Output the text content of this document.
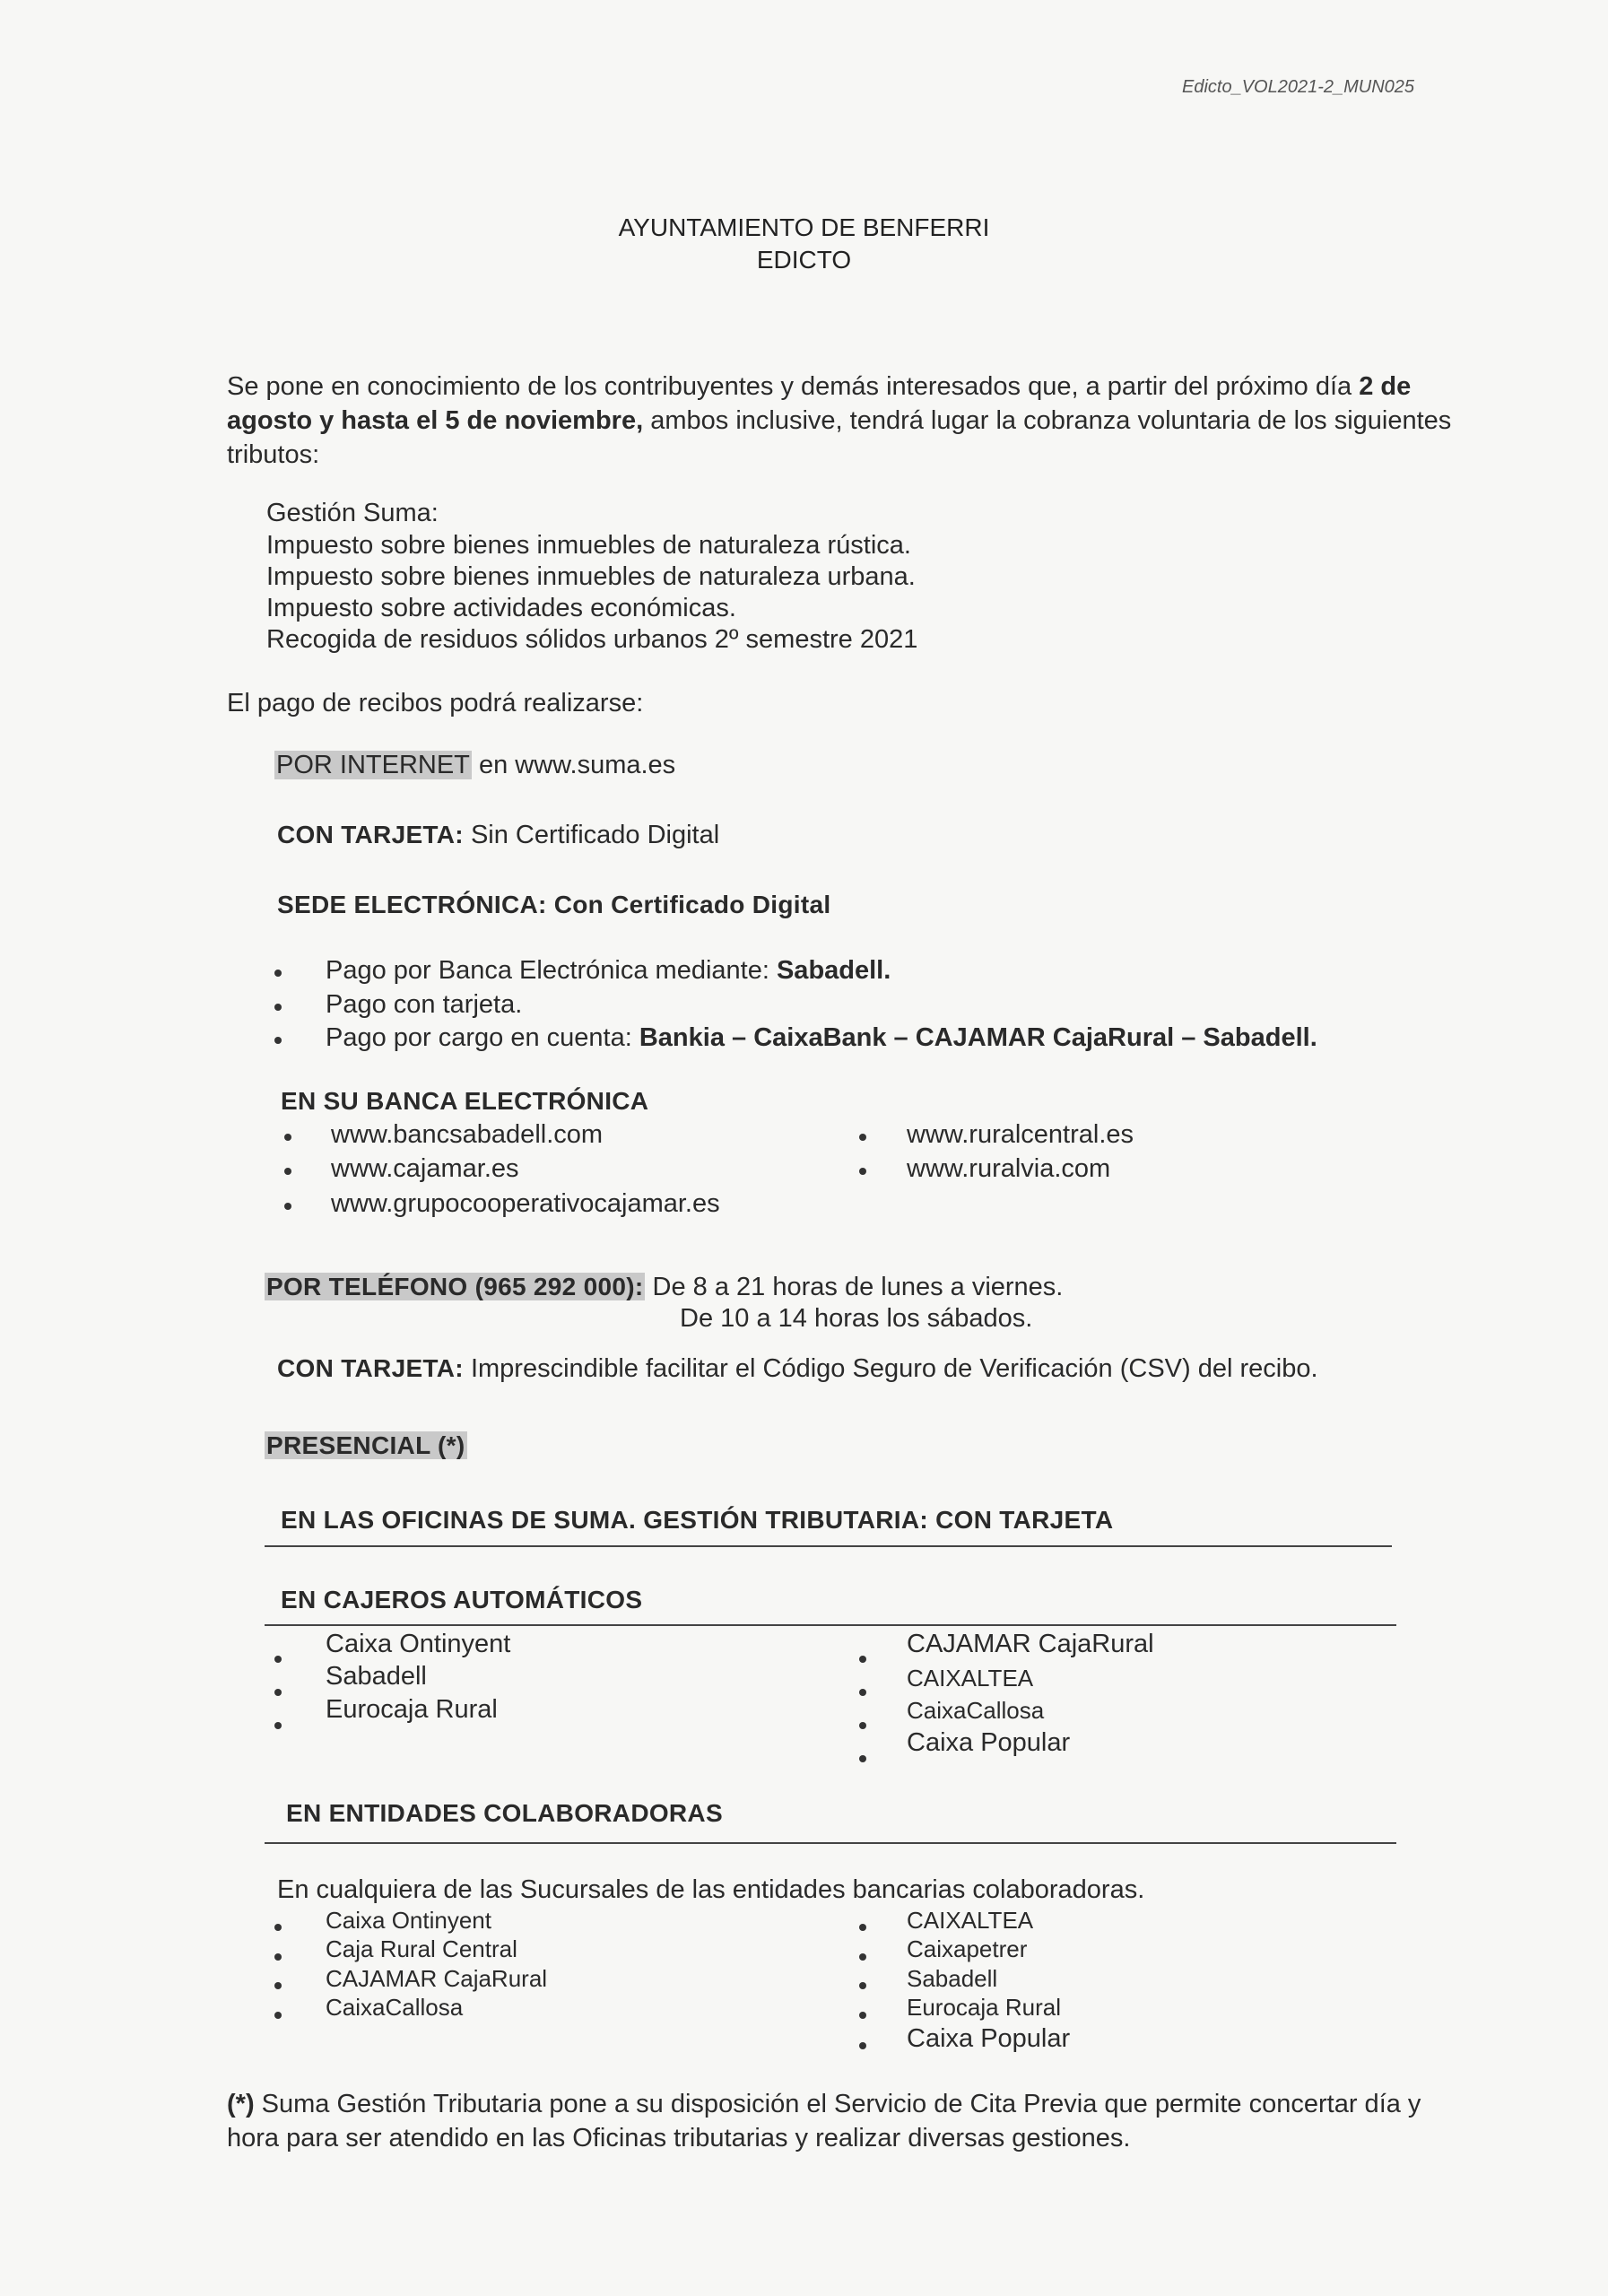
Edicto_VOL2021-2_MUN025
AYUNTAMIENTO DE BENFERRI
EDICTO
Se pone en conocimiento de los contribuyentes y demás interesados que, a partir del próximo día 2 de agosto y hasta el 5 de noviembre, ambos inclusive, tendrá lugar la cobranza voluntaria de los siguientes tributos:
Gestión Suma:
Impuesto sobre bienes inmuebles de naturaleza rústica.
Impuesto sobre bienes inmuebles de naturaleza urbana.
Impuesto sobre actividades económicas.
Recogida de residuos sólidos urbanos 2º semestre 2021
El pago de recibos podrá realizarse:
POR INTERNET en www.suma.es
CON TARJETA: Sin Certificado Digital
SEDE ELECTRÓNICA: Con Certificado Digital
Pago por Banca Electrónica mediante: Sabadell.
Pago con tarjeta.
Pago por cargo en cuenta: Bankia – CaixaBank – CAJAMAR CajaRural – Sabadell.
EN SU BANCA ELECTRÓNICA
www.bancsabadell.com
www.cajamar.es
www.grupocooperativocajamar.es
www.ruralcentral.es
www.ruralvia.com
POR TELÉFONO (965 292 000): De 8 a 21 horas de lunes a viernes.
De 10 a 14 horas los sábados.
CON TARJETA: Imprescindible facilitar el Código Seguro de Verificación (CSV) del recibo.
PRESENCIAL (*)
EN LAS OFICINAS DE SUMA. GESTIÓN TRIBUTARIA: CON TARJETA
EN CAJEROS AUTOMÁTICOS
Caixa Ontinyent
Sabadell
Eurocaja Rural
CAJAMAR CajaRural
CAIXALTEA
CaixaCallosa
Caixa Popular
EN ENTIDADES COLABORADORAS
En cualquiera de las Sucursales de las entidades bancarias colaboradoras.
Caixa Ontinyent
Caja Rural Central
CAJAMAR CajaRural
CaixaCallosa
CAIXALTEA
Caixapetrer
Sabadell
Eurocaja Rural
Caixa Popular
(*) Suma Gestión Tributaria pone a su disposición el Servicio de Cita Previa que permite concertar día y hora para ser atendido en las Oficinas tributarias y realizar diversas gestiones.
